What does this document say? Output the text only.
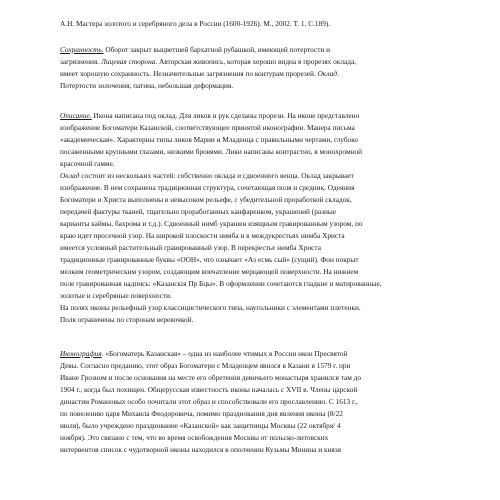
А.Н. Мастера золотого и серебряного дела в России (1600-1926). М., 2002. Т. 1. С.189).

Сохранность. Оборот закрыт выцветшей бархатной рубашкой, имеющей потертости и
загрязнения. Лицевая сторона. Авторская живопись, которая хорошо видна в прорезях оклада,
имеет хорошую сохранность. Незначительные загрязнения по контурам прорезей. Оклад.
Потертости золочения, патина, небольшая деформация.

Описание. Икона написана под оклад. Для ликов и рук сделаны прорези. На иконе представлено
изображение Богоматери Казанской, соответствующее принятой иконографии. Манера письма
«академическая». Характерны типы ликов Марии и Младенца с правильными чертами, глубоко
посаженными крупными глазами, низкими бровями. Лики написаны контрастно, в монохромной
красочной гамме.
Оклад состоит из нескольких частей: собственно оклада и сдвоенного венца. Оклад закрывает
изображение. В нем сохранена традиционная структура, сочетающая поля и средник. Одеяния
Богоматери и Христа выполнены в невысоком рельефе, с убедительной проработкой складок,
передачей фактуры тканей, тщательно проработанных канфаренком, украшений (разные
варианты каймы, бахрома и т.д.). Сдвоенный нимб украшен изящным гравированным узором, по
краю идет просечной узор. На широкой плоскости нимба и в междукрестьях нимба Христа
имеется условный растительный гравированный узор. В перекрестье нимба Христа
традиционные гравированные буквы «ООН», что означает «Аз есмь сый» (сущий). Фон покрыт
мелким геометрическим узором, создающим впечатление мерцающей поверхности. На нижнем
поле гравированная надпись: «Казанскiя Пр Бцы». В оформлении сочетаются гладкие и матированные,
золотые и серебряные поверхности.
На полях иконы рельефный узор классицистического типа, наугольники с элементами плетенки.
Поля ограничены по сторонам веревочкой.

Иконография. «Богоматерь Казанская» – одна из наиболее чтимых в России икон Пресвятой
Девы. Согласно преданию, этот образ Богоматери с Младенцем явился в Казани в 1579 г. при
Иване Грозном и после основания на месте его обретения девичьего монастыря хранился там до
1904 г., когда был похищен. Общерусская известность иконы началась с XVII в. Члены царской
династии Романовых особо почитали этот образ и способствовали его прославлению. С 1613 г.,
по повелению царя Михаила Феодоровича, помимо празднования дня явления иконы (8/22
июля), было учреждено празднование «Казанской» как защитницы Москвы (22 октября/ 4
ноября). Это связано с тем, что во время освобождения Москвы от польско-литовских
интервентов список с чудотворной иконы находился в ополчении Кузьмы Минина и князя
